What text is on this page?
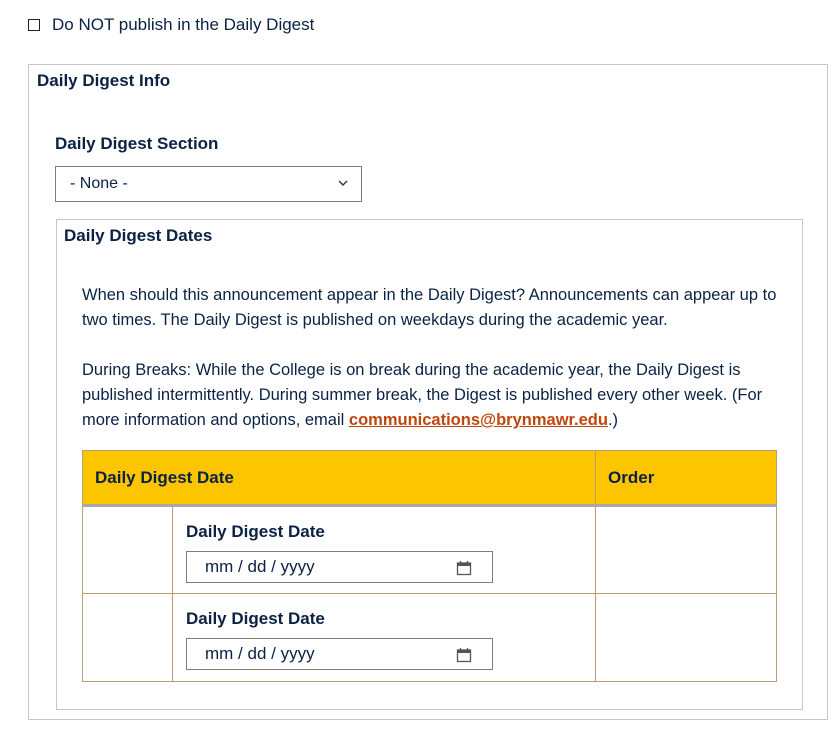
Do NOT publish in the Daily Digest
Daily Digest Info
Daily Digest Section
- None -
Daily Digest Dates

When should this announcement appear in the Daily Digest? Announcements can appear up to two times. The Daily Digest is published on weekdays during the academic year.

During Breaks: While the College is on break during the academic year, the Daily Digest is published intermittently. During summer break, the Digest is published every other week. (For more information and options, email communications@brynmawr.edu.)

Daily Digest Date		Order

	Daily Digest Date
mm / dd / yyyy	

	Daily Digest Date
mm / dd / yyyy	
